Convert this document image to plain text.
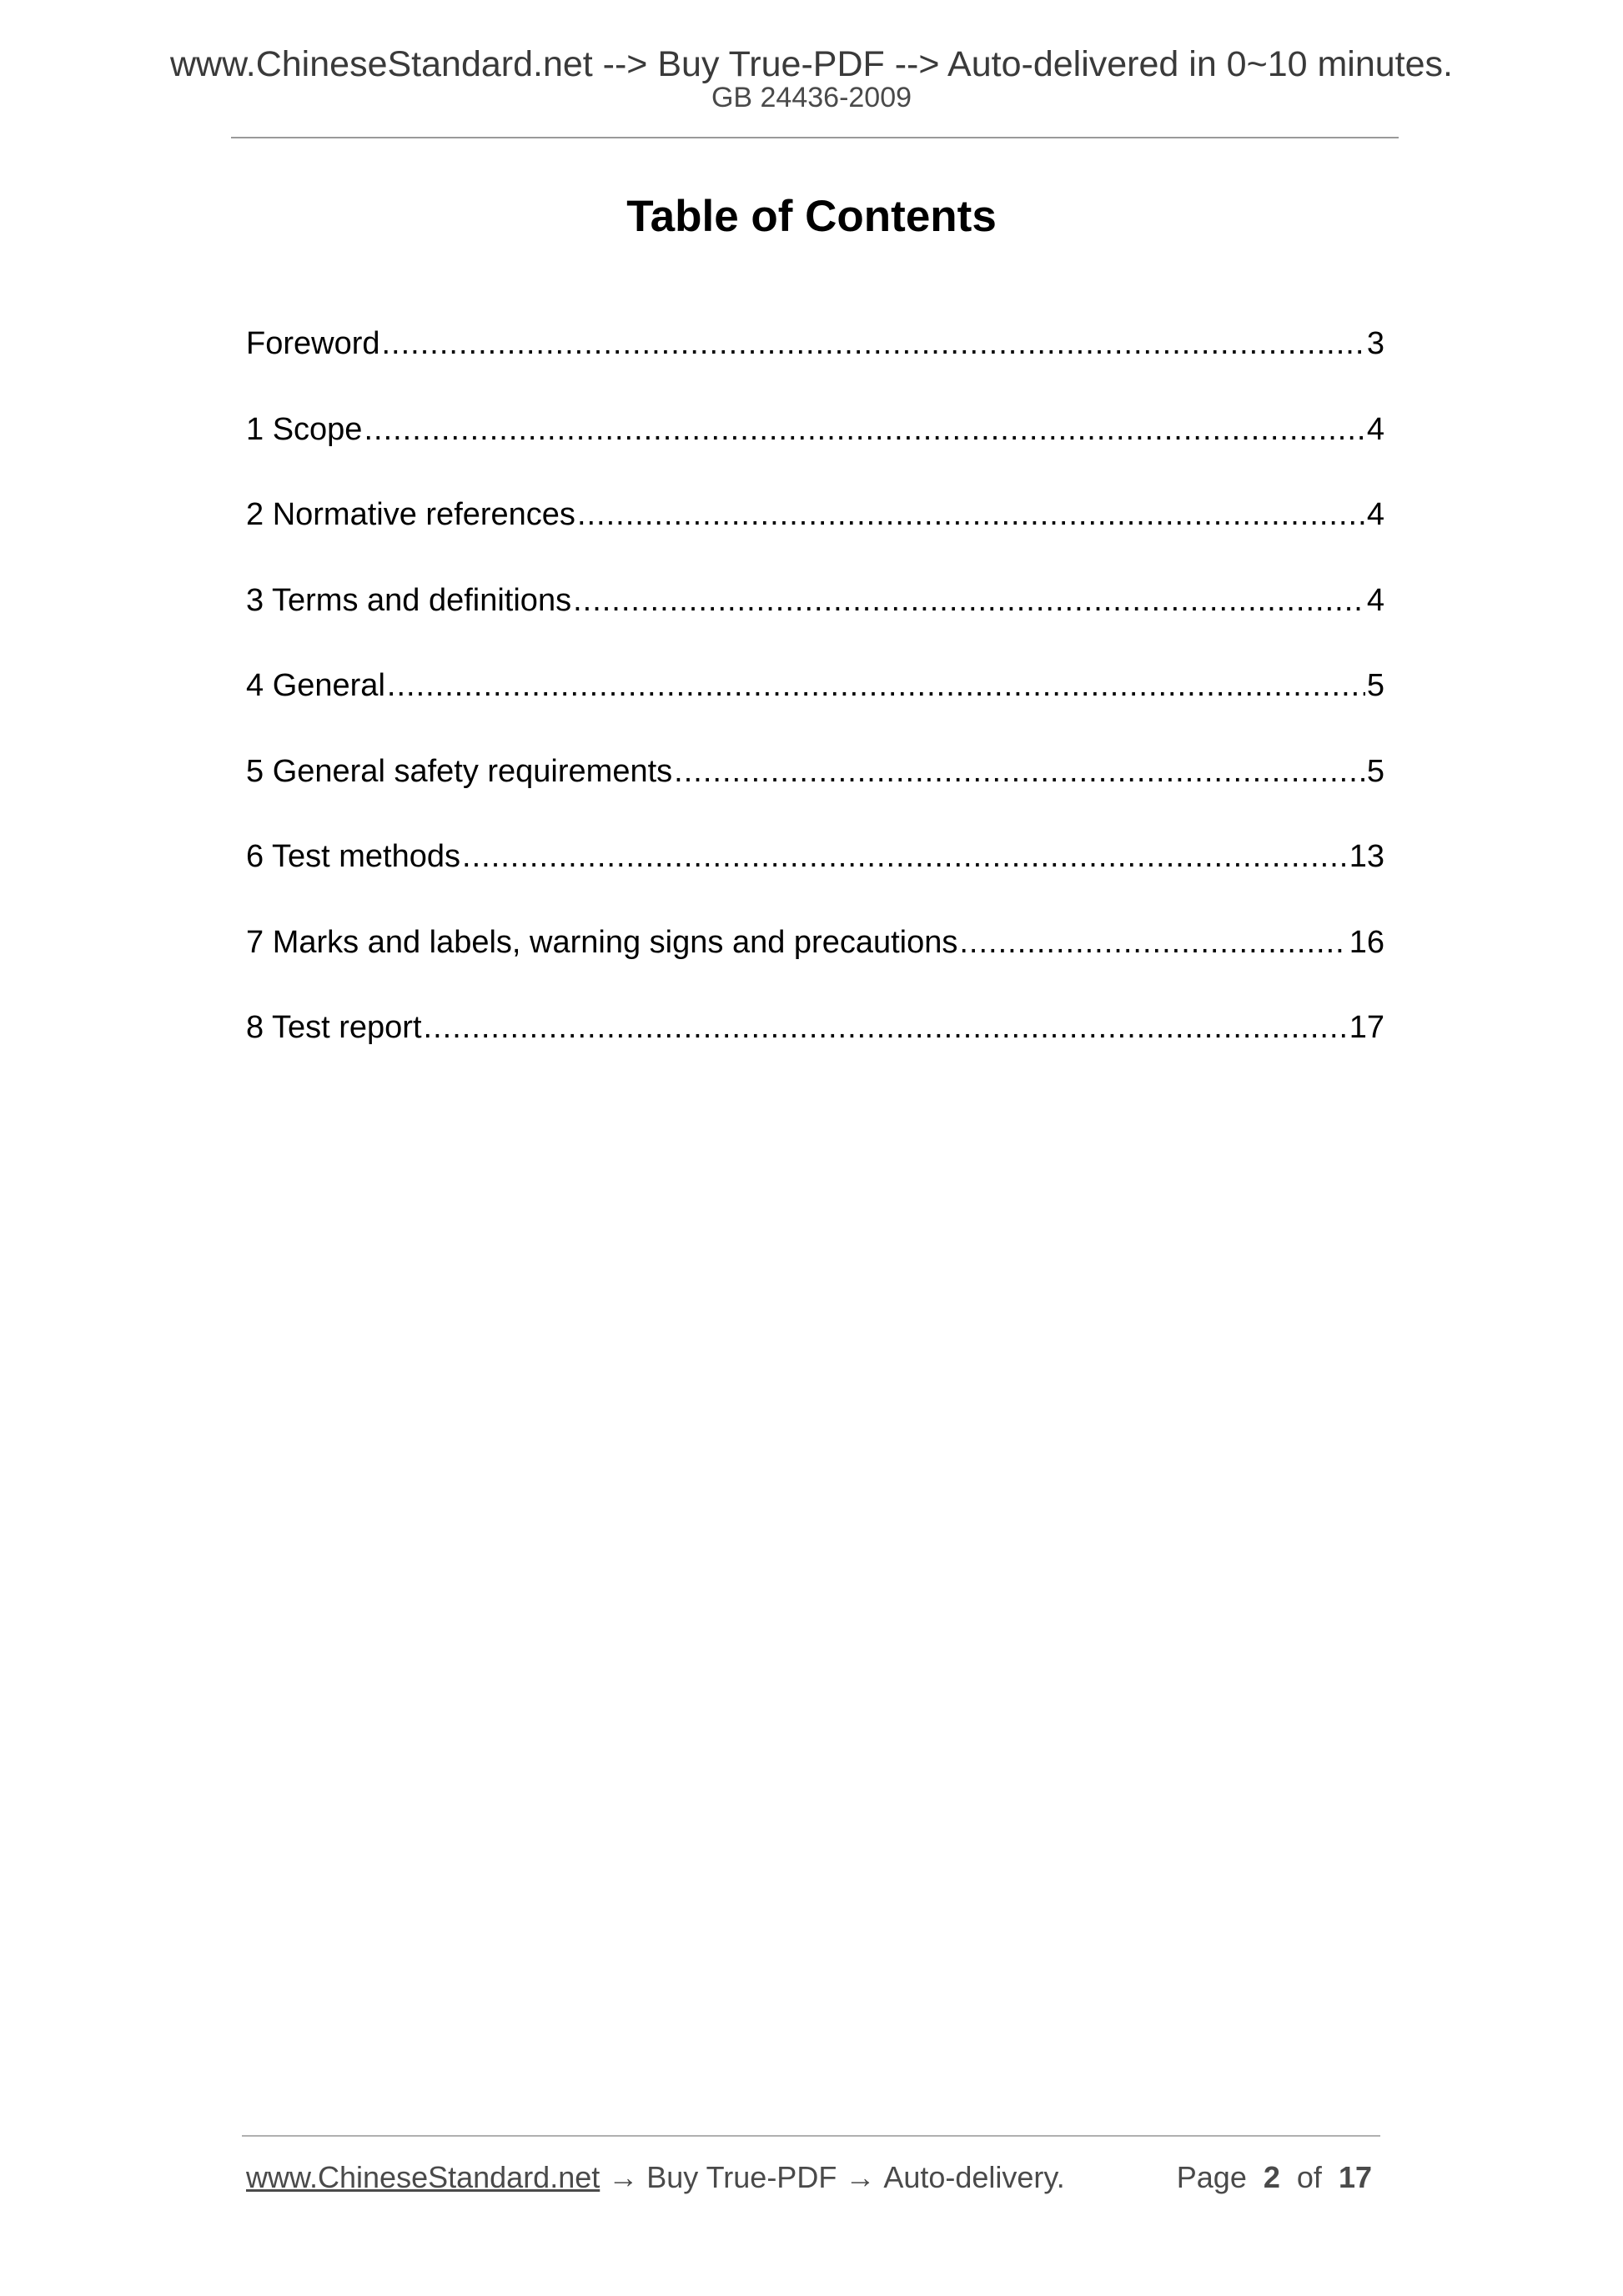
www.ChineseStandard.net --> Buy True-PDF --> Auto-delivered in 0~10 minutes.
GB 24436-2009
Table of Contents
Foreword .....	3
1 Scope .....	4
2 Normative references .....	4
3 Terms and definitions .....	4
4 General .....	5
5 General safety requirements .....	5
6 Test methods .....	13
7 Marks and labels, warning signs and precautions .....	16
8 Test report .....	17
www.ChineseStandard.net → Buy True-PDF → Auto-delivery.	Page 2 of 17
